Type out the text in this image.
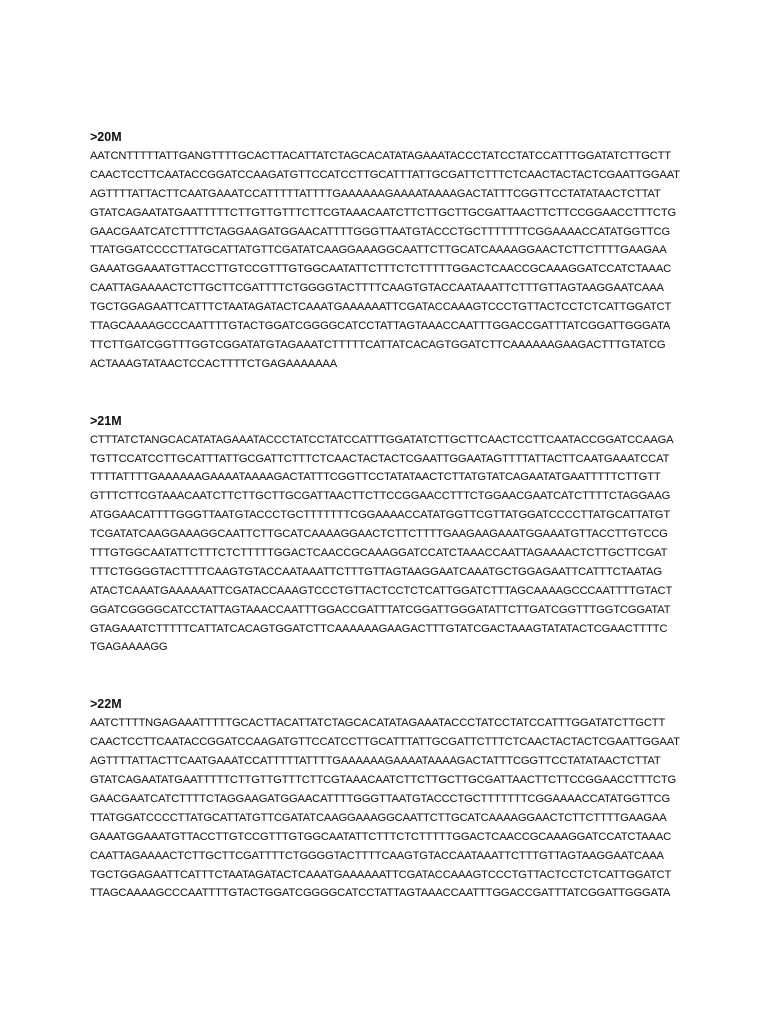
>20M
AATCNTTTTTATTGANGTTTTGCACTTACATTATCTAGCACATATAGAAATACCCTATCCTATCCATTTGGATATCTTGCTT
CAACTCCTTCAATACCGGATCCAAGATGTTCCATCCTTGCATTTATTGCGATTCTTTCTCAACTACTACTCGAATTGGAAT
AGTTTTATTACTTCAATGAAATCCATTTTTATTTTGAAAAAAGAAAATAAAAGACTATTTCGGTTCCTATATAACTCTTAT
GTATCAGAATATGAATTTTTCTTGTTGTTTCTTCGTAAACAATCTTCTTGCTTGCGATTAACTTCTTCCGGAACCTTTCTG
GAACGAATCATCTTTTCTAGGAAGATGGAACATTTTGGGTTAATGTACCCTGCTTTTTTTCGGAAAACCATATGGTTCG
TTATGGATCCCCTTATGCATTATGTTCGATATCAAGGAAAGGCAATTCTTGCATCAAAAGGAACTCTTCTTTTGAAGAA
GAAATGGAAATGTTACCTTGTCCGTTTGTGGCAATATTCTTTCTCTTTTTGGACTCAACCGCAAAGGATCCATCTAAAC
CAATTAGAAAACTCTTGCTTCGATTTTCTGGGGTACTTTTCAAGTGTACCAATAAATTCTTTGTTAGTAAGGAATCAAA
TGCTGGAGAATTCATTTCTAATAGATACTCAAATGAAAAAATTCGATACCAAAGTCCCTGTTACTCCTCTCATTGGATCT
TTAGCAAAAGCCCAATTTTGTACTGGATCGGGGCATCCTATTAGTAAACCAATTTGGACCGATTTATCGGATTGGGATA
TTCTTGATCGGTTTGGTCGGATATGTAGAAATCTTTTTCATTATCACAGTGGATCTTCAAAAAAGAAGACTTTGTATCG
ACTAAAGTATAACTCCACTTTTCTGAGAAAAAAA
>21M
CTTTATCTANGCACATATAGAAATACCCTATCCTATCCATTTGGATATCTTGCTTCAACTCCTTCAATACCGGATCCAAGA
TGTTCCATCCTTGCATTTATTGCGATTCTTTCTCAACTACTACTCGAATTGGAATAGTTTTATTACTTCAATGAAATCCAT
TTTTATTTTGAAAAAAGAAAATAAAAGACTATTTCGGTTCCTATATAACTCTTATGTATCAGAATATGAATTTTTCTTGTT
GTTTCTTCGTAAACAATCTTCTTGCTTGCGATTAACTTCTTCCGGAACCTTTCTGGAACGAATCATCTTTTCTAGGAAG
ATGGAACATTTTGGGTTAATGTACCCTGCTTTTTTTCGGAAAACCATATGGTTCGTTATGGATCCCCTTATGCATTATGT
TCGATATCAAGGAAAGGCAATTCTTGCATCAAAAGGAACTCTTCTTTTGAAGAAGAAATGGAAATGTTACCTTGTCCG
TTTGTGGCAATATTCTTTCTCTTTTTGGACTCAACCGCAAAGGATCCATCTAAACCAATTAGAAAACTCTTGCTTCGAT
TTTCTGGGGTACTTTTCAAGTGTACCAATAAATTCTTTGTTAGTAAGGAATCAAATGCTGGAGAATTCATTTCTAATAG
ATACTCAAATGAAAAAATTCGATACCAAAGTCCCTGTTACTCCTCTCATTGGATCTTTAGCAAAAGCCCAATTTTGTACT
GGATCGGGGCATCCTATTAGTAAACCAATTTGGACCGATTTATCGGATTGGGATATTCTTGATCGGTTTGGTCGGATAT
GTAGAAATCTTTTTCATTATCACAGTGGATCTTCAAAAAAGAAGACTTTGTATCGACTAAAGTATATACTCGAACTTTTC
TGAGAAAAGG
>22M
AATCTTTTNGAGAAATTTTTGCACTTACATTATCTAGCACATATAGAAATACCCTATCCTATCCATTTGGATATCTTGCTT
CAACTCCTTCAATACCGGATCCAAGATGTTCCATCCTTGCATTTATTGCGATTCTTTCTCAACTACTACTCGAATTGGAAT
AGTTTTATTACTTCAATGAAATCCATTTTTATTTTGAAAAAAGAAAATAAAAGACTATTTCGGTTCCTATATAACTCTTAT
GTATCAGAATATGAATTTTTCTTGTTGTTTCTTCGTAAACAATCTTCTTGCTTGCGATTAACTTCTTCCGGAACCTTTCTG
GAACGAATCATCTTTTCTAGGAAGATGGAACATTTTGGGTTAATGTACCCTGCTTTTTTTCGGAAAACCATATGGTTCG
TTATGGATCCCCTTATGCATTATGTTCGATATCAAGGAAAGGCAATTCTTGCATCAAAAGGAACTCTTCTTTTGAAGAA
GAAATGGAAATGTTACCTTGTCCGTTTGTGGCAATATTCTTTCTCTTTTTGGACTCAACCGCAAAGGATCCATCTAAAC
CAATTAGAAAACTCTTGCTTCGATTTTCTGGGGTACTTTTCAAGTGTACCAATAAATTCTTTGTTAGTAAGGAATCAAA
TGCTGGAGAATTCATTTCTAATAGATACTCAAATGAAAAAATTCGATACCAAAGTCCCTGTTACTCCTCTCATTGGATCT
TTAGCAAAAGCCCAATTTTGTACTGGATCGGGGCATCCTATTAGTAAACCAATTTGGACCGATTTATCGGATTGGGATA
